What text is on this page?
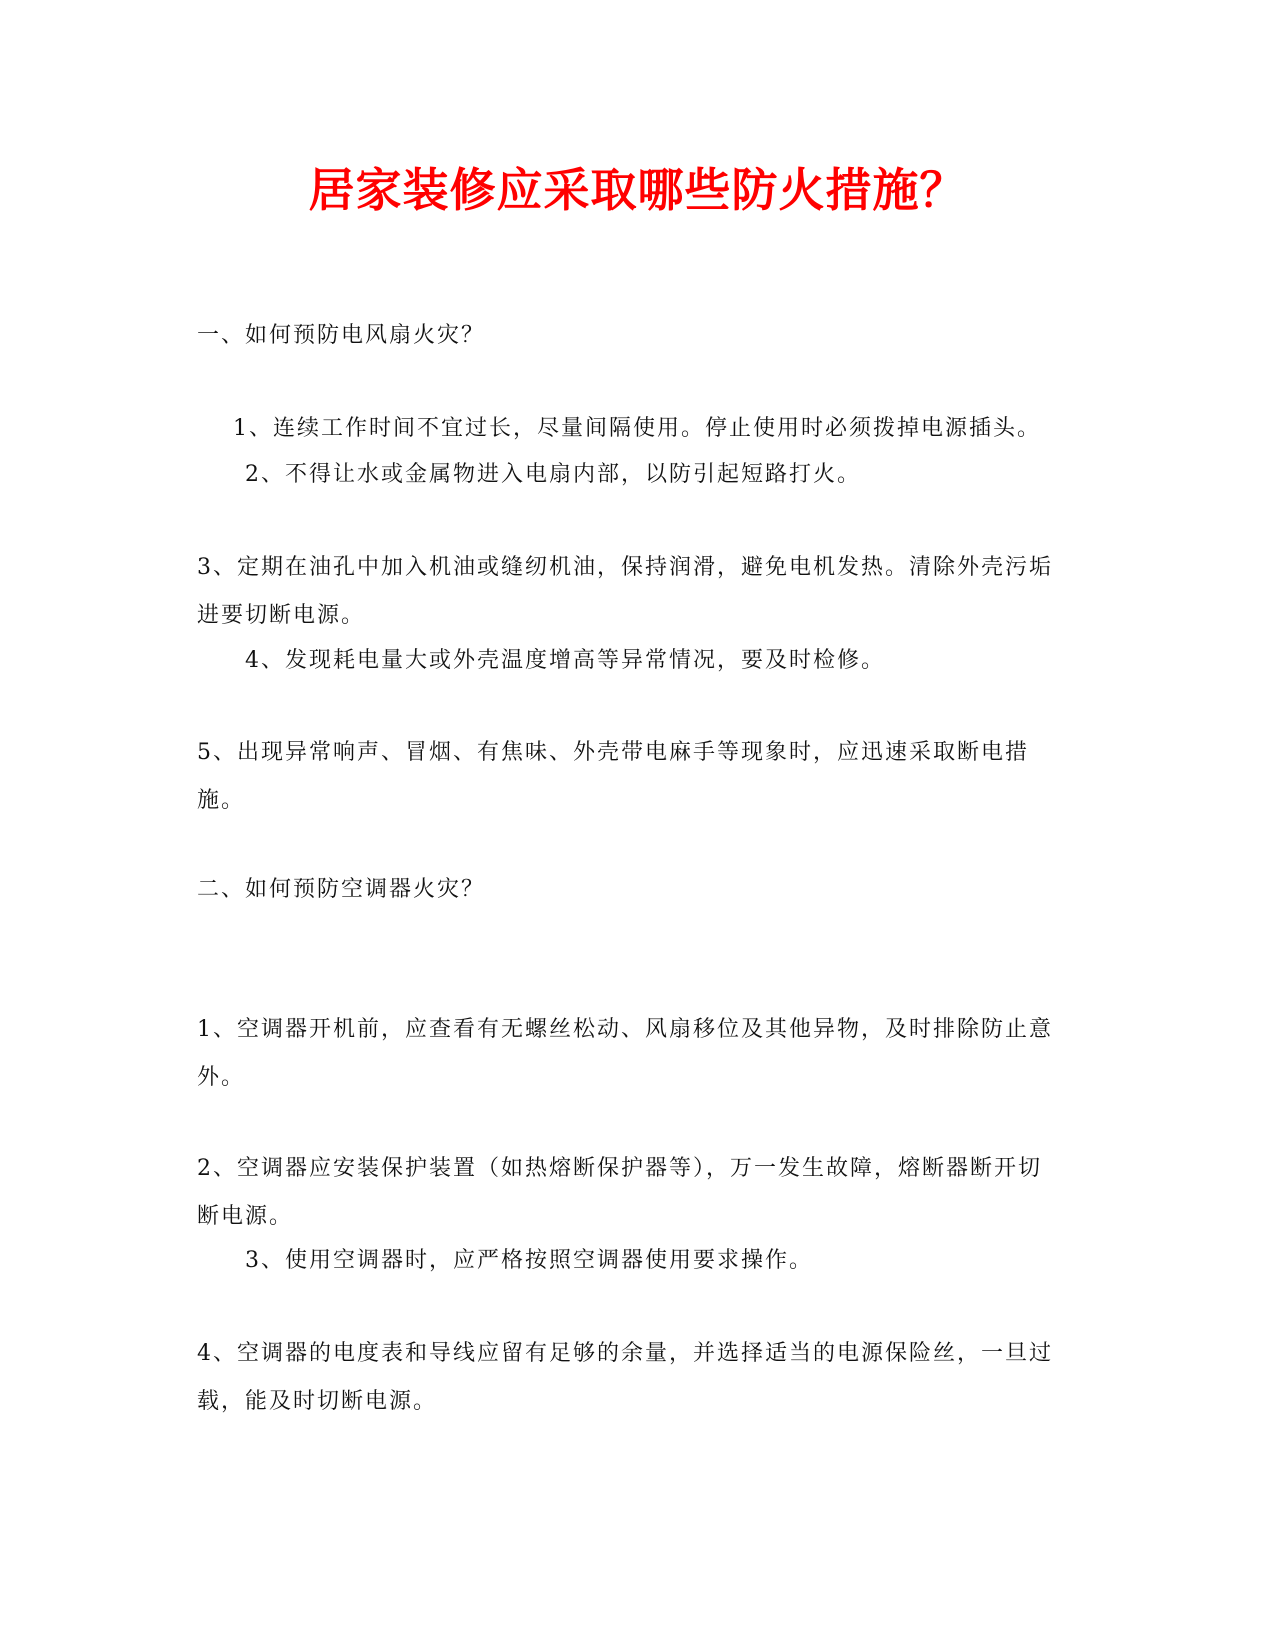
居家装修应采取哪些防火措施？
一、如何预防电风扇火灾？
1、连续工作时间不宜过长，尽量间隔使用。停止使用时必须拨掉电源插头。
2、不得让水或金属物进入电扇内部，以防引起短路打火。
3、定期在油孔中加入机油或缝纫机油，保持润滑，避免电机发热。清除外壳污垢进要切断电源。
4、发现耗电量大或外壳温度增高等异常情况，要及时检修。
5、出现异常响声、冒烟、有焦味、外壳带电麻手等现象时，应迅速采取断电措施。
二、如何预防空调器火灾？
1、空调器开机前，应查看有无螺丝松动、风扇移位及其他异物，及时排除防止意外。
2、空调器应安装保护装置（如热熔断保护器等），万一发生故障，熔断器断开切断电源。
3、使用空调器时，应严格按照空调器使用要求操作。
4、空调器的电度表和导线应留有足够的余量，并选择适当的电源保险丝，一旦过载，能及时切断电源。
